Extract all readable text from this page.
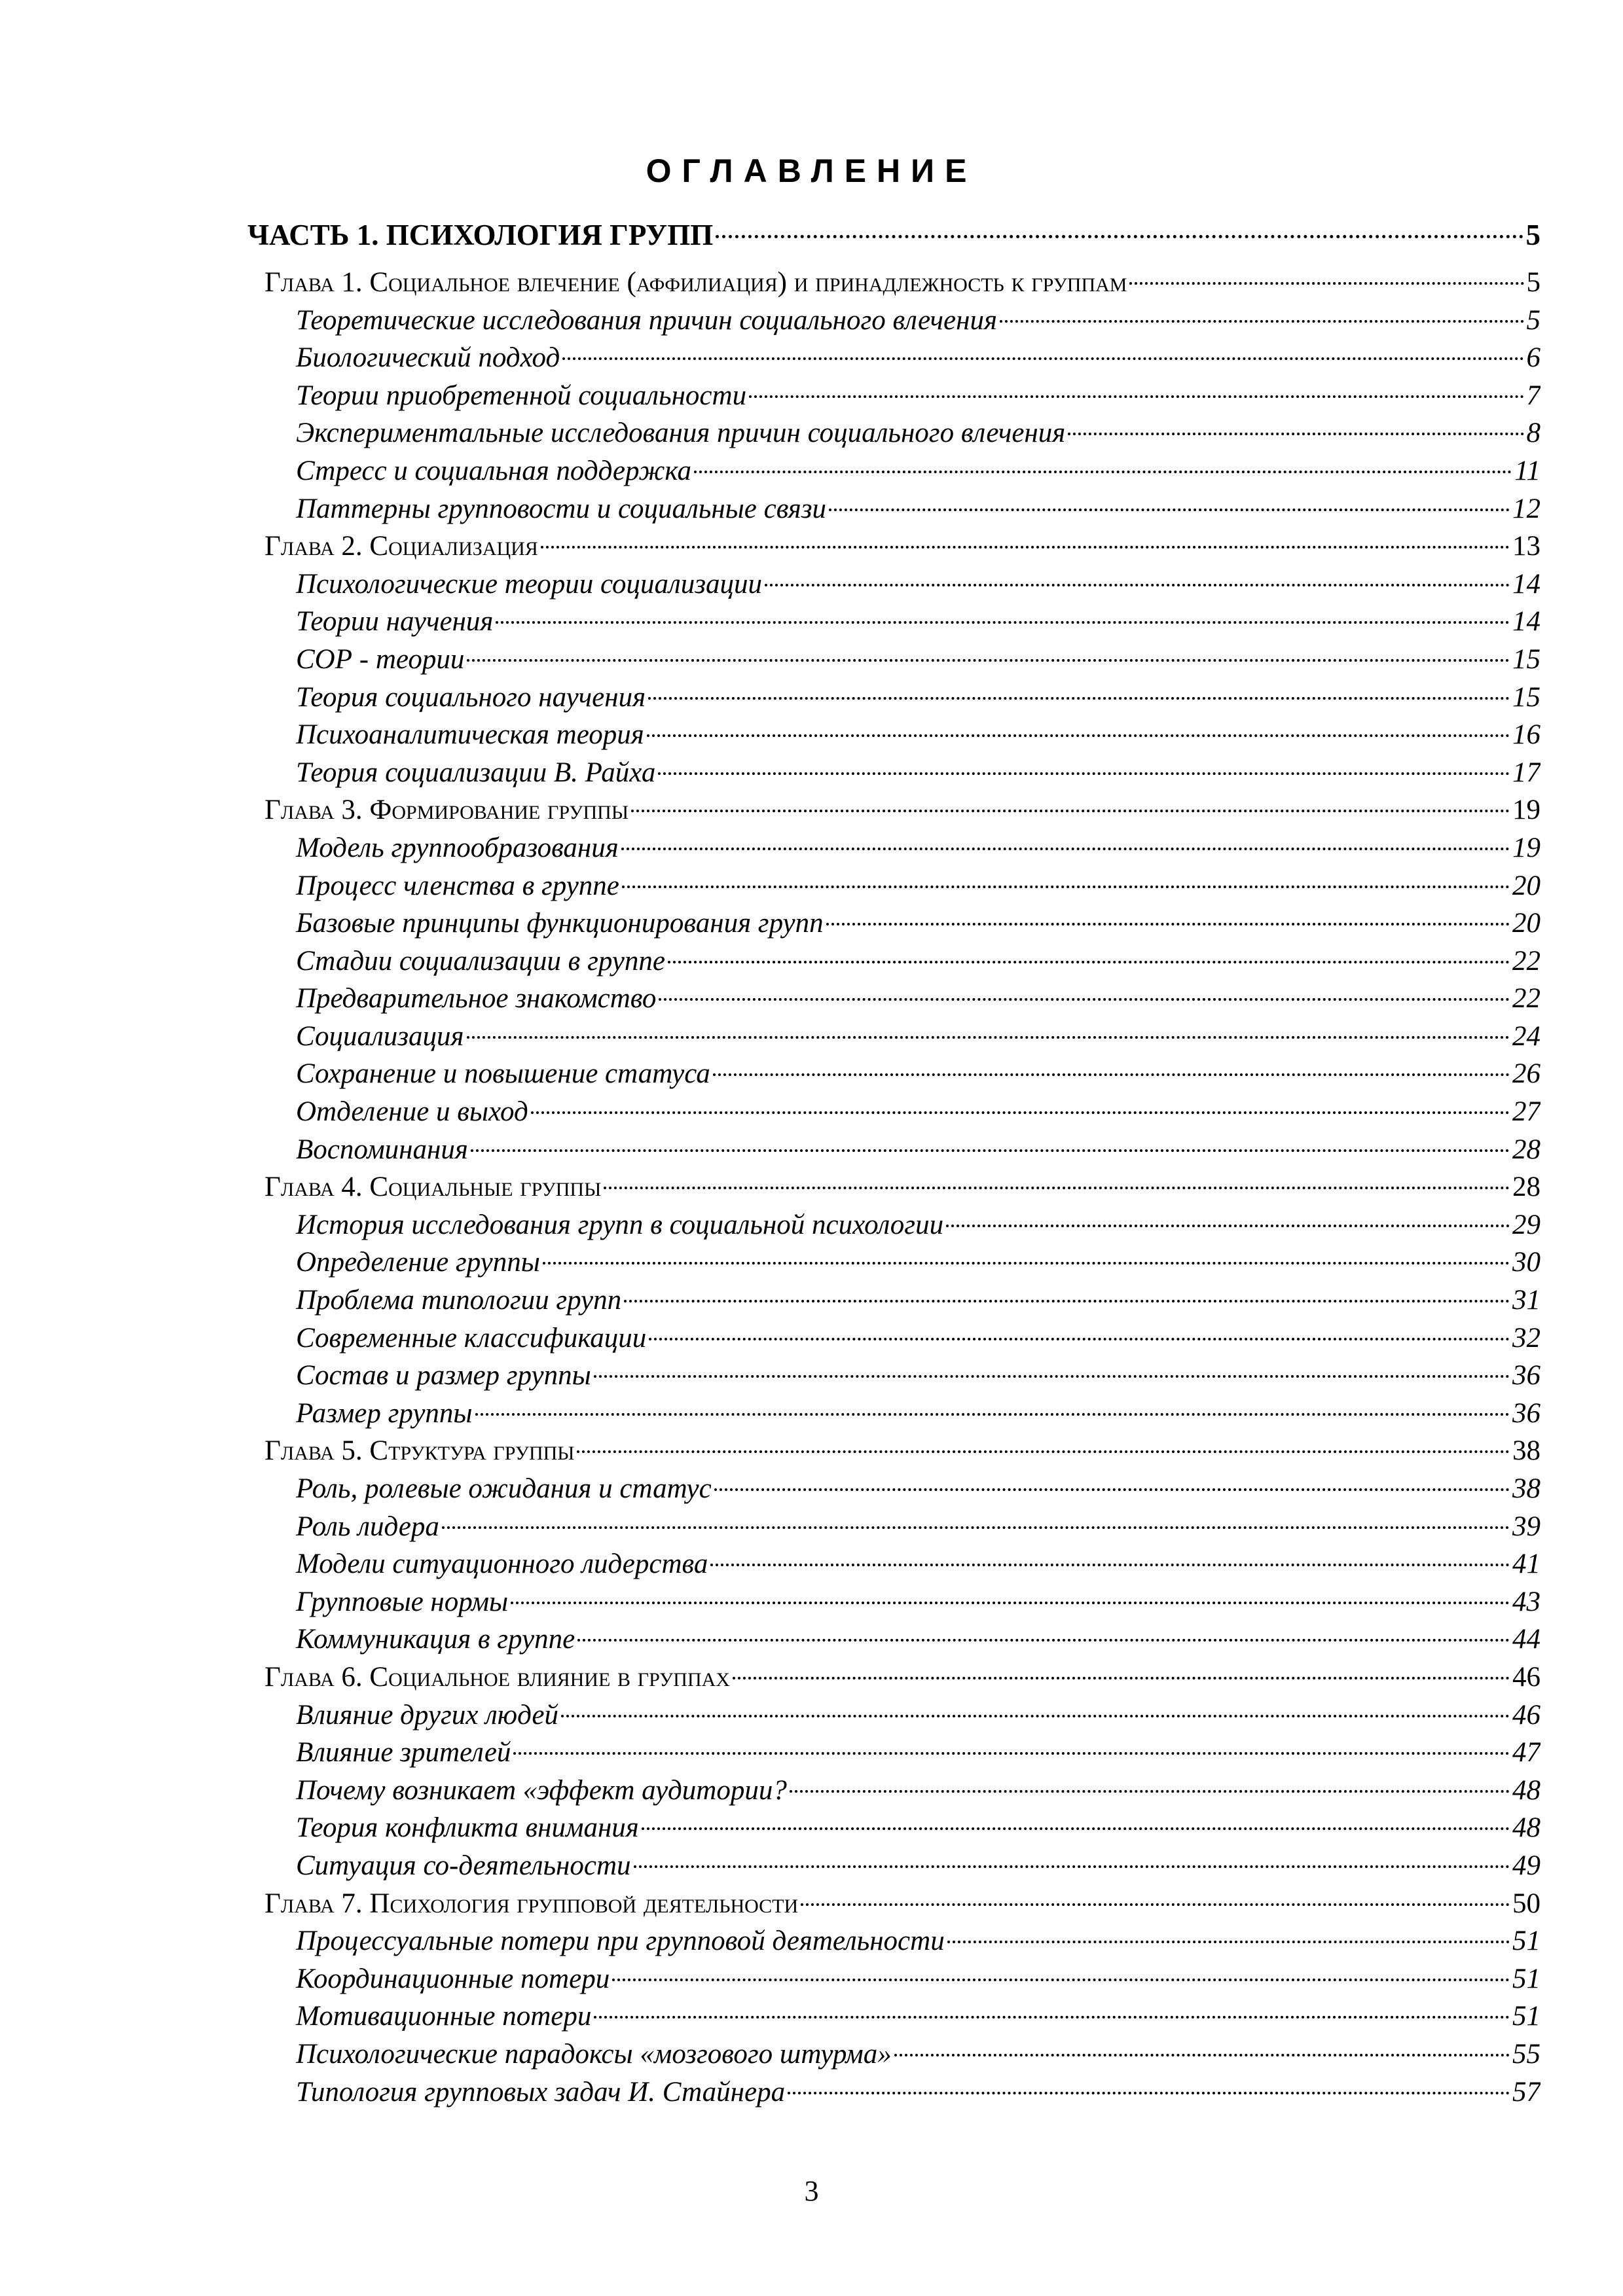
ОГЛАВЛЕНИЕ
ЧАСТЬ 1. ПСИХОЛОГИЯ ГРУПП	5
Глава 1. Социальное влечение (аффилиация) и принадлежность к группам	5
Теоретические исследования причин социального влечения	5
Биологический подход	6
Теории приобретенной социальности	7
Экспериментальные исследования причин социального влечения	8
Стресс и социальная поддержка	11
Паттерны групповости и социальные связи	12
Глава 2. Социализация	13
Психологические теории социализации	14
Теории научения	14
СОР - теории	15
Теория социального научения	15
Психоаналитическая теория	16
Теория социализации В. Райха	17
Глава 3. Формирование группы	19
Модель группообразования	19
Процесс членства в группе	20
Базовые принципы функционирования групп	20
Стадии социализации в группе	22
Предварительное знакомство	22
Социализация	24
Сохранение и повышение статуса	26
Отделение и выход	27
Воспоминания	28
Глава 4. Социальные группы	28
История исследования групп в социальной психологии	29
Определение группы	30
Проблема типологии групп	31
Современные классификации	32
Состав и размер группы	36
Размер группы	36
Глава 5. Структура группы	38
Роль, ролевые ожидания и статус	38
Роль лидера	39
Модели ситуационного лидерства	41
Групповые нормы	43
Коммуникация в группе	44
Глава 6. Социальное влияние в группах	46
Влияние других людей	46
Влияние зрителей	47
Почему возникает «эффект аудитории?	48
Теория конфликта внимания	48
Ситуация со-деятельности	49
Глава 7. Психология групповой деятельности	50
Процессуальные потери при групповой деятельности	51
Координационные потери	51
Мотивационные потери	51
Психологические парадоксы «мозгового штурма»	55
Типология групповых задач И. Стайнера	57
3
